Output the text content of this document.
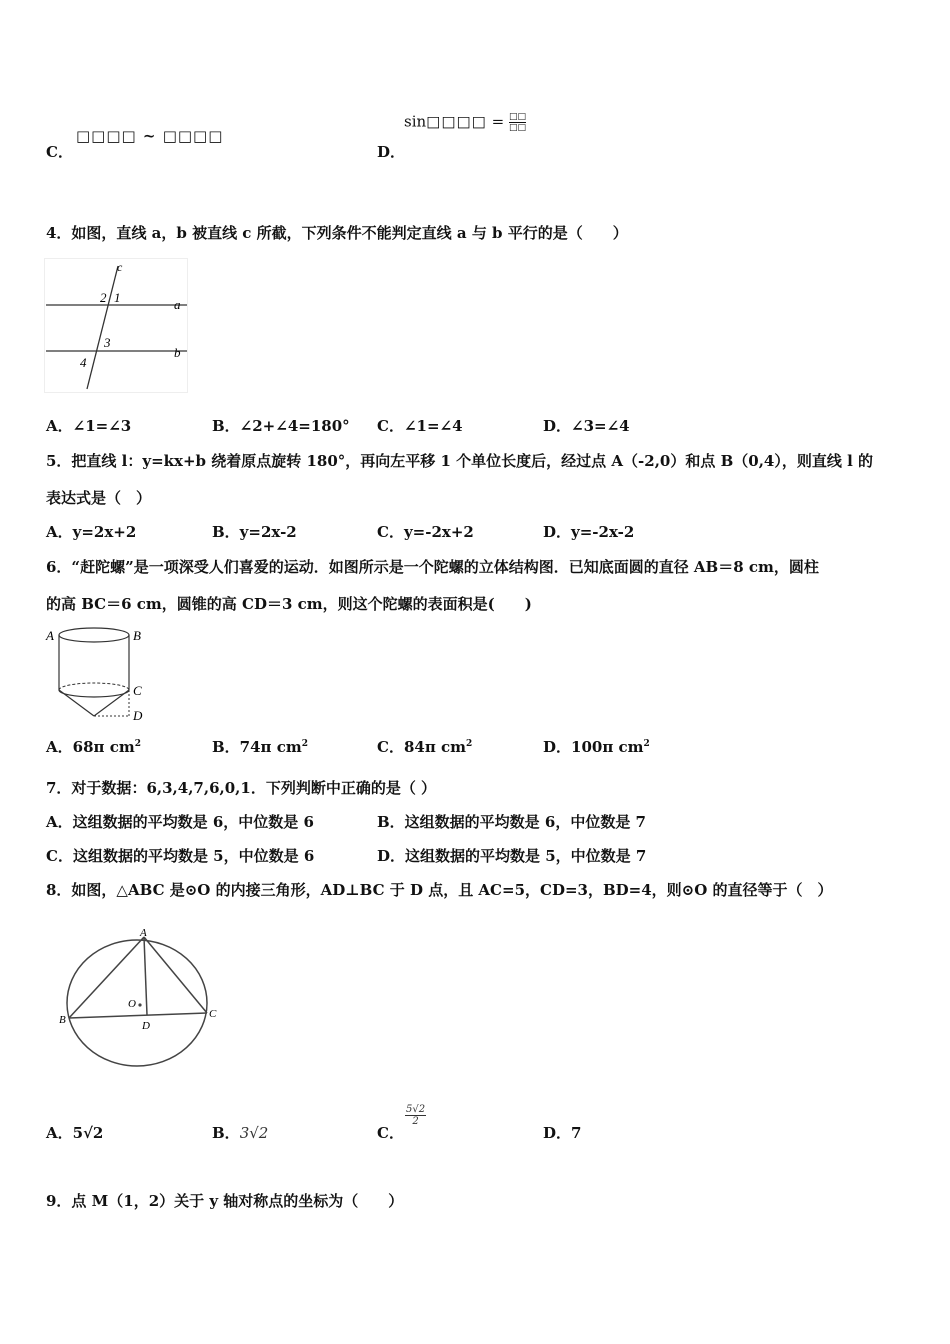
C．
□□□□ ~ □□□□
D．
sin□□□□ = □□
□□
4．如图，直线 a，b 被直线 c 所截，下列条件不能判定直线 a 与 b 平行的是（　　）
c
a
b
2 1
3
4
A．∠1=∠3	B．∠2+∠4=180° C．∠1=∠4	D．∠3=∠4
5．把直线 l：y=kx+b 绕着原点旋转 180°，再向左平移 1 个单位长度后，经过点 A（-2,0）和点 B（0,4），则直线 l 的
表达式是（　）
A．y=2x+2	B．y=2x-2	C．y=-2x+2	D．y=-2x-2
6．“赶陀螺”是一项深受人们喜爱的运动．如图所示是一个陀螺的立体结构图．已知底面圆的直径 AB＝8 cm，圆柱
的高 BC＝6 cm，圆锥的高 CD＝3 cm，则这个陀螺的表面积是(　　)
A	B
C
D
A．68π $cm^2$	B．74π $cm^2$	C．84π $cm^2$	D．100π $cm^2$
7．对于数据：6,3,4,7,6,0,1．下列判断中正确的是（ ）
A．这组数据的平均数是 6，中位数是 6	B．这组数据的平均数是 6，中位数是 7
C．这组数据的平均数是 5，中位数是 6	D．这组数据的平均数是 5，中位数是 7
8．如图，△ABC 是⊙O 的内接三角形，AD⊥BC 于 D 点，且 AC=5，CD=3，BD=4，则⊙O 的直径等于（　）
A
B	C
D
O
A．5√2	B．3√2	C．
$\frac{5√2}{2}$
D．7
9．点 M（1，2）关于 y 轴对称点的坐标为（　　）
